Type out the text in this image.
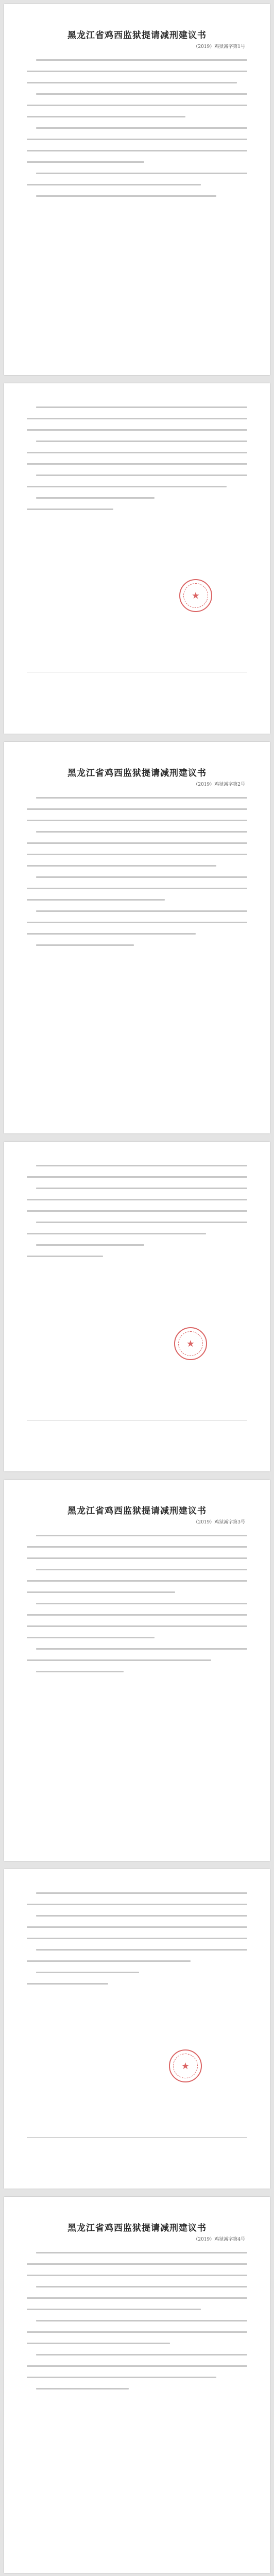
黑龙江省鸡西监狱提请减刑建议书
（2019）鸡狱减字第1号
★
黑龙江省鸡西监狱提请减刑建议书
（2019）鸡狱减字第2号
★
黑龙江省鸡西监狱提请减刑建议书
（2019）鸡狱减字第3号
★
黑龙江省鸡西监狱提请减刑建议书
（2019）鸡狱减字第4号
